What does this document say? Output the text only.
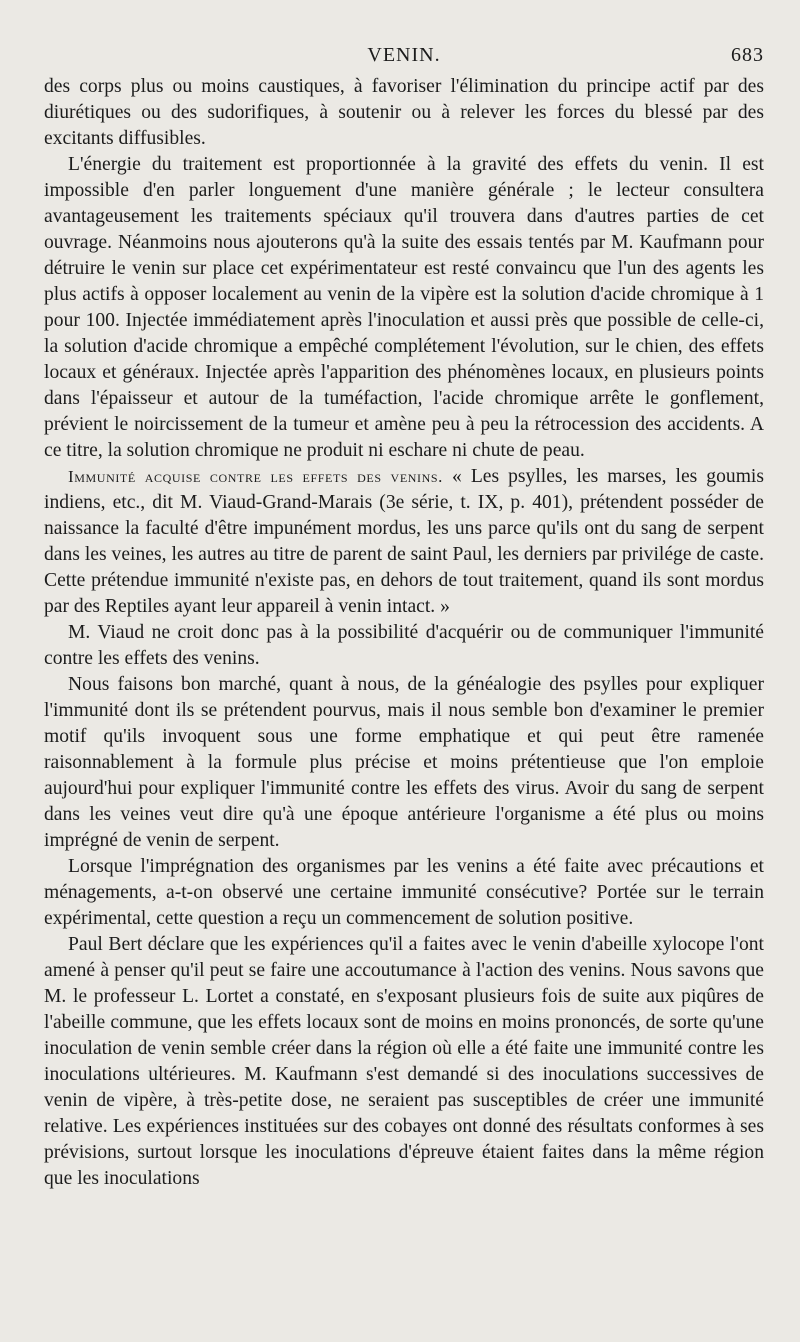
VENIN.	683

des corps plus ou moins caustiques, à favoriser l'élimination du principe actif par des diurétiques ou des sudorifiques, à soutenir ou à relever les forces du blessé par des excitants diffusibles.

L'énergie du traitement est proportionnée à la gravité des effets du venin. Il est impossible d'en parler longuement d'une manière générale ; le lecteur consultera avantageusement les traitements spéciaux qu'il trouvera dans d'autres parties de cet ouvrage. Néanmoins nous ajouterons qu'à la suite des essais tentés par M. Kaufmann pour détruire le venin sur place cet expérimentateur est resté convaincu que l'un des agents les plus actifs à opposer localement au venin de la vipère est la solution d'acide chromique à 1 pour 100. Injectée immédiatement après l'inoculation et aussi près que possible de celle-ci, la solution d'acide chromique a empêché complétement l'évolution, sur le chien, des effets locaux et généraux. Injectée après l'apparition des phénomènes locaux, en plusieurs points dans l'épaisseur et autour de la tuméfaction, l'acide chromique arrête le gonflement, prévient le noircissement de la tumeur et amène peu à peu la rétrocession des accidents. A ce titre, la solution chromique ne produit ni eschare ni chute de peau.

Immunité acquise contre les effets des venins. « Les psylles, les marses, les goumis indiens, etc., dit M. Viaud-Grand-Marais (3e série, t. IX, p. 401), prétendent posséder de naissance la faculté d'être impunément mordus, les uns parce qu'ils ont du sang de serpent dans les veines, les autres au titre de parent de saint Paul, les derniers par privilége de caste. Cette prétendue immunité n'existe pas, en dehors de tout traitement, quand ils sont mordus par des Reptiles ayant leur appareil à venin intact. »

M. Viaud ne croit donc pas à la possibilité d'acquérir ou de communiquer l'immunité contre les effets des venins.

Nous faisons bon marché, quant à nous, de la généalogie des psylles pour expliquer l'immunité dont ils se prétendent pourvus, mais il nous semble bon d'examiner le premier motif qu'ils invoquent sous une forme emphatique et qui peut être ramenée raisonnablement à la formule plus précise et moins prétentieuse que l'on emploie aujourd'hui pour expliquer l'immunité contre les effets des virus. Avoir du sang de serpent dans les veines veut dire qu'à une époque antérieure l'organisme a été plus ou moins imprégné de venin de serpent.

Lorsque l'imprégnation des organismes par les venins a été faite avec précautions et ménagements, a-t-on observé une certaine immunité consécutive? Portée sur le terrain expérimental, cette question a reçu un commencement de solution positive.

Paul Bert déclare que les expériences qu'il a faites avec le venin d'abeille xylocope l'ont amené à penser qu'il peut se faire une accoutumance à l'action des venins. Nous savons que M. le professeur L. Lortet a constaté, en s'exposant plusieurs fois de suite aux piqûres de l'abeille commune, que les effets locaux sont de moins en moins prononcés, de sorte qu'une inoculation de venin semble créer dans la région où elle a été faite une immunité contre les inoculations ultérieures. M. Kaufmann s'est demandé si des inoculations successives de venin de vipère, à très-petite dose, ne seraient pas susceptibles de créer une immunité relative. Les expériences instituées sur des cobayes ont donné des résultats conformes à ses prévisions, surtout lorsque les inoculations d'épreuve étaient faites dans la même région que les inoculations
